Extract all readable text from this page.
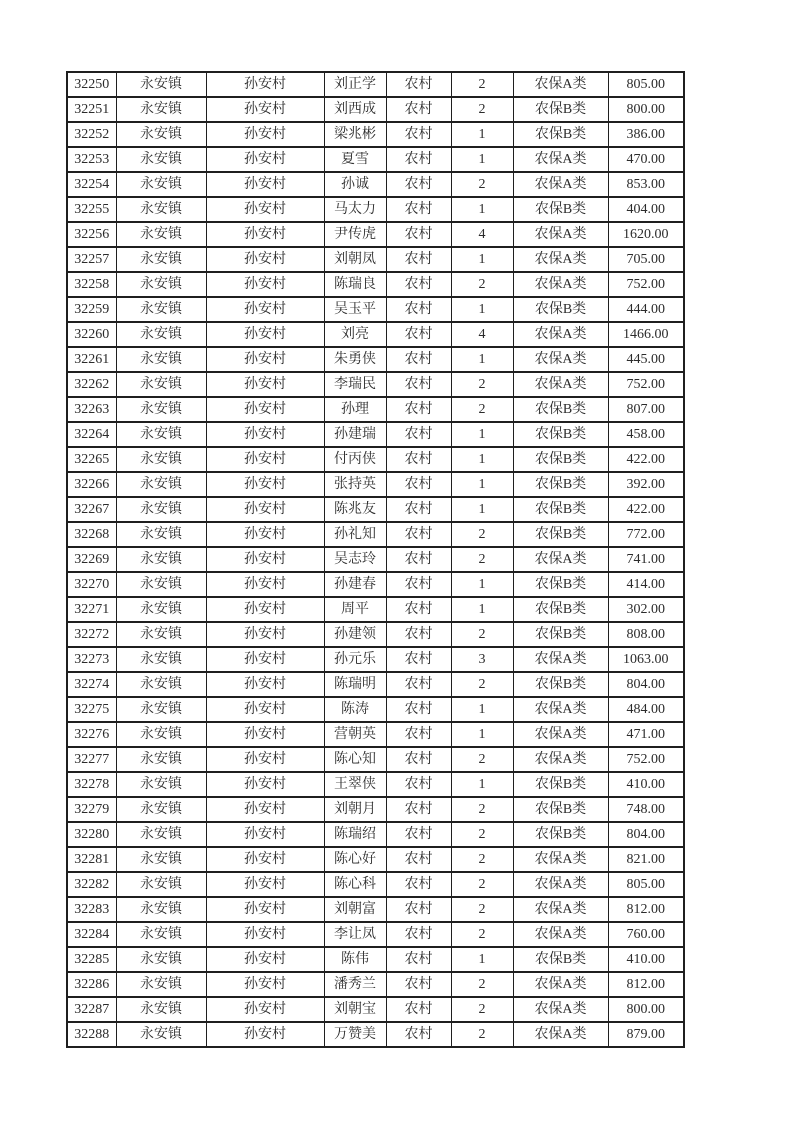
32250	永安镇	孙安村	刘正学	农村	2	农保A类	805.00
32251	永安镇	孙安村	刘西成	农村	2	农保B类	800.00
32252	永安镇	孙安村	梁兆彬	农村	1	农保B类	386.00
32253	永安镇	孙安村	夏雪	农村	1	农保A类	470.00
32254	永安镇	孙安村	孙诚	农村	2	农保A类	853.00
32255	永安镇	孙安村	马太力	农村	1	农保B类	404.00
32256	永安镇	孙安村	尹传虎	农村	4	农保A类	1620.00
32257	永安镇	孙安村	刘朝凤	农村	1	农保A类	705.00
32258	永安镇	孙安村	陈瑞良	农村	2	农保A类	752.00
32259	永安镇	孙安村	吴玉平	农村	1	农保B类	444.00
32260	永安镇	孙安村	刘亮	农村	4	农保A类	1466.00
32261	永安镇	孙安村	朱勇侠	农村	1	农保A类	445.00
32262	永安镇	孙安村	李瑞民	农村	2	农保A类	752.00
32263	永安镇	孙安村	孙理	农村	2	农保B类	807.00
32264	永安镇	孙安村	孙建瑞	农村	1	农保B类	458.00
32265	永安镇	孙安村	付丙侠	农村	1	农保B类	422.00
32266	永安镇	孙安村	张持英	农村	1	农保B类	392.00
32267	永安镇	孙安村	陈兆友	农村	1	农保B类	422.00
32268	永安镇	孙安村	孙礼知	农村	2	农保B类	772.00
32269	永安镇	孙安村	吴志玲	农村	2	农保A类	741.00
32270	永安镇	孙安村	孙建春	农村	1	农保B类	414.00
32271	永安镇	孙安村	周平	农村	1	农保B类	302.00
32272	永安镇	孙安村	孙建领	农村	2	农保B类	808.00
32273	永安镇	孙安村	孙元乐	农村	3	农保A类	1063.00
32274	永安镇	孙安村	陈瑞明	农村	2	农保B类	804.00
32275	永安镇	孙安村	陈涛	农村	1	农保A类	484.00
32276	永安镇	孙安村	营朝英	农村	1	农保A类	471.00
32277	永安镇	孙安村	陈心知	农村	2	农保A类	752.00
32278	永安镇	孙安村	王翠侠	农村	1	农保B类	410.00
32279	永安镇	孙安村	刘朝月	农村	2	农保B类	748.00
32280	永安镇	孙安村	陈瑞绍	农村	2	农保B类	804.00
32281	永安镇	孙安村	陈心好	农村	2	农保A类	821.00
32282	永安镇	孙安村	陈心科	农村	2	农保A类	805.00
32283	永安镇	孙安村	刘朝富	农村	2	农保A类	812.00
32284	永安镇	孙安村	李让凤	农村	2	农保A类	760.00
32285	永安镇	孙安村	陈伟	农村	1	农保B类	410.00
32286	永安镇	孙安村	潘秀兰	农村	2	农保A类	812.00
32287	永安镇	孙安村	刘朝宝	农村	2	农保A类	800.00
32288	永安镇	孙安村	万赞美	农村	2	农保A类	879.00
